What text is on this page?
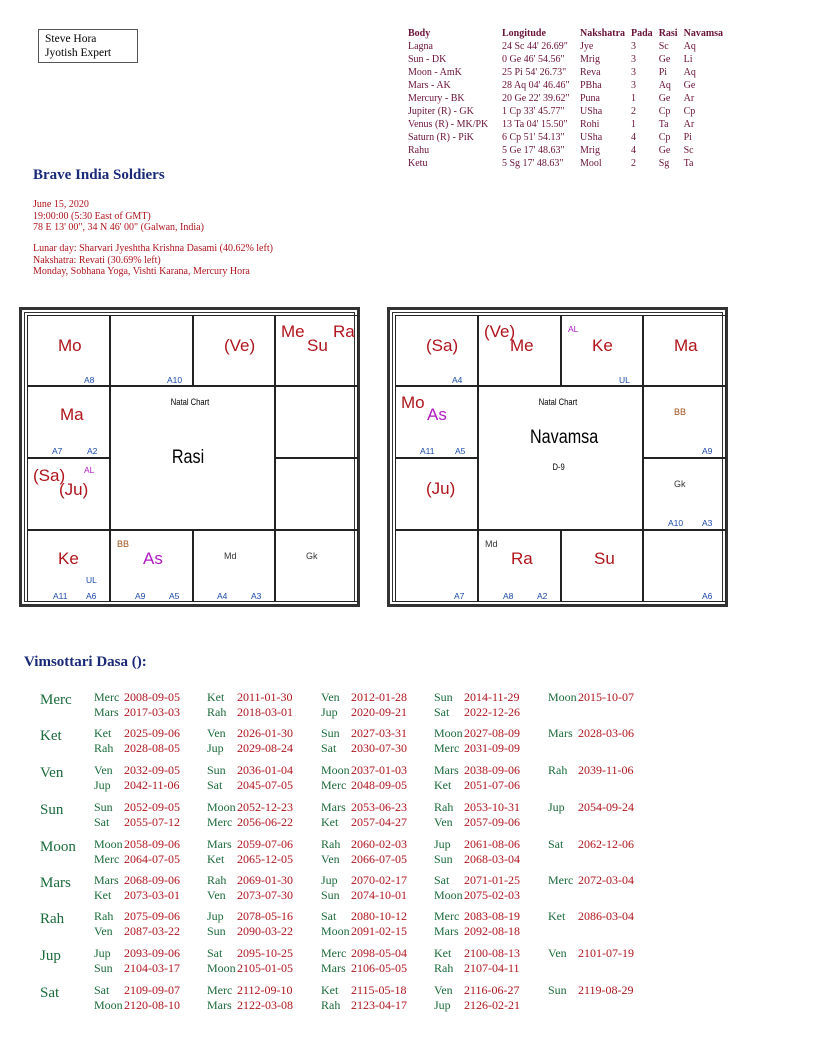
Steve Hora
Jyotish Expert
Body	Longitude	Nakshatra	Pada	Rasi	Navamsa
Lagna	24 Sc 44' 26.69"	Jye	3	Sc	Aq
Sun - DK	0 Ge 46' 54.56"	Mrig	3	Ge	Li
Moon - AmK	25 Pi 54' 26.73"	Reva	3	Pi	Aq
Mars - AK	28 Aq 04' 46.46"	PBha	3	Aq	Ge
Mercury - BK	20 Ge 22' 39.62"	Puna	1	Ge	Ar
Jupiter (R) - GK	1 Cp 33' 45.77"	USha	2	Cp	Cp
Venus (R) - MK/PK	13 Ta 04' 15.50"	Rohi	1	Ta	Ar
Saturn (R) - PiK	6 Cp 51' 54.13"	USha	4	Cp	Pi
Rahu	5 Ge 17' 48.63"	Mrig	4	Ge	Sc
Ketu	5 Sg 17' 48.63"	Mool	2	Sg	Ta
Brave India Soldiers
June 15, 2020
19:00:00 (5:30 East of GMT)
78 E 13' 00", 34 N 46' 00" (Galwan, India)
Lunar day: Sharvari Jyeshtha Krishna Dasami (40.62% left)
Nakshatra: Revati (30.69% left)
Monday, Sobhana Yoga, Vishti Karana, Mercury Hora
Mo
A8	A10
(Ve)
Me
Su
Ra
Ma
A7	A2
(Sa)
(Ju)
AL
Ke
UL
A11 A6
As
BB
A9	A5
Md
A4	A3
Gk
Natal Chart
Rasi
(Sa)
A4
(Ve)
Me	Ke
AL
UL
Ma
Mo
As
A11 A5
BB
A9
(Ju)	Gk
A10 A3
A7
Ra
Md
A8	A2
Su
A6
Natal Chart
Navamsa
D-9
Vimsottari Dasa ():
Merc Merc 2008-09-05 Ket 2011-01-30 Ven 2012-01-28 Sun 2014-11-29 Moon2015-10-07
Mars 2017-03-03 Rah 2018-03-01 Jup 2020-09-21 Sat 2022-12-26
Ket	Ket 2025-09-06 Ven 2026-01-30 Sun 2027-03-31 Moon2027-08-09 Mars 2028-03-06
Rah 2028-08-05 Jup 2029-08-24 Sat 2030-07-30 Merc 2031-09-09
Ven	Ven 2032-09-05 Sun 2036-01-04 Moon2037-01-03 Mars 2038-09-06 Rah 2039-11-06
Jup 2042-11-06 Sat 2045-07-05 Merc 2048-09-05 Ket 2051-07-06
Sun	Sun 2052-09-05 Moon2052-12-23 Mars 2053-06-23 Rah 2053-10-31 Jup 2054-09-24
Sat 2055-07-12 Merc 2056-06-22 Ket 2057-04-27 Ven 2057-09-06
Moon Moon2058-09-06 Mars 2059-07-06 Rah 2060-02-03 Jup 2061-08-06 Sat 2062-12-06
Merc 2064-07-05 Ket 2065-12-05 Ven 2066-07-05 Sun 2068-03-04
Mars Mars 2068-09-06 Rah 2069-01-30 Jup 2070-02-17 Sat 2071-01-25 Merc 2072-03-04
Ket 2073-03-01 Ven 2073-07-30 Sun 2074-10-01 Moon2075-02-03
Rah Rah 2075-09-06 Jup 2078-05-16 Sat 2080-10-12 Merc 2083-08-19 Ket 2086-03-04
Ven 2087-03-22 Sun 2090-03-22 Moon2091-02-15 Mars 2092-08-18
Jup	Jup 2093-09-06 Sat 2095-10-25 Merc 2098-05-04 Ket 2100-08-13 Ven 2101-07-19
Sun 2104-03-17 Moon2105-01-05 Mars 2106-05-05 Rah 2107-04-11
Sat	Sat 2109-09-07 Merc 2112-09-10 Ket 2115-05-18 Ven 2116-06-27 Sun 2119-08-29
Moon2120-08-10 Mars 2122-03-08 Rah 2123-04-17 Jup 2126-02-21
